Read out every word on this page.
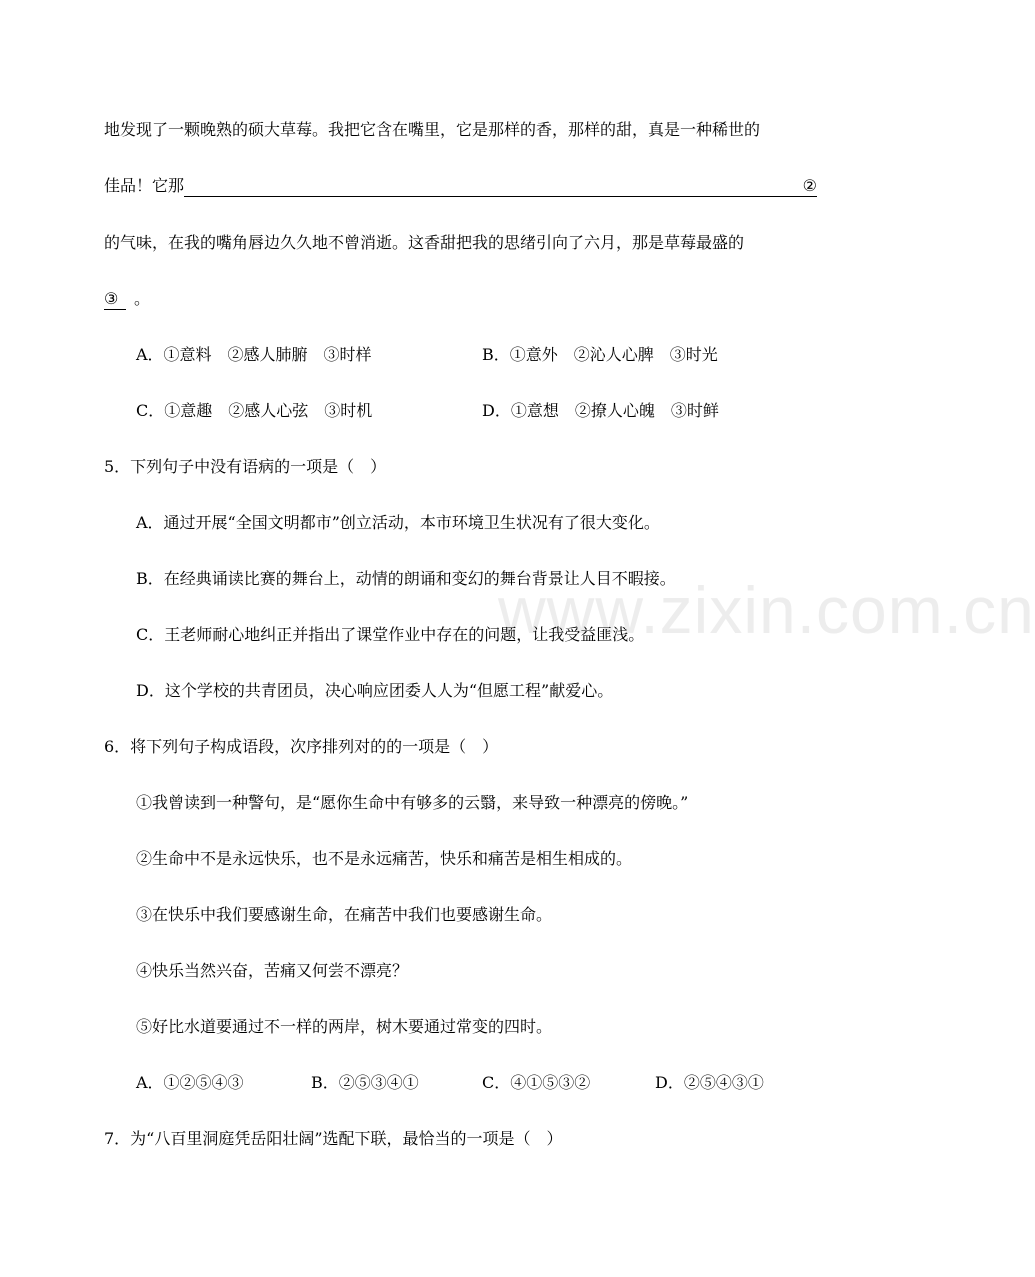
www.zixin.com.cn
地发现了一颗晚熟的硕大草莓。我把它含在嘴里，它是那样的香，那样的甜，真是一种稀世的
佳品！它那	②
的气味，在我的嘴角唇边久久地不曾消逝。这香甜把我的思绪引向了六月，那是草莓最盛的
③ 。
A．①意料　②感人肺腑　③时样	B．①意外　②沁人心脾　③时光
C．①意趣　②感人心弦　③时机	D．①意想　②撩人心魄　③时鲜
5．下列句子中没有语病的一项是（　）
A．通过开展“全国文明都市”创立活动，本市环境卫生状况有了很大变化。
B．在经典诵读比赛的舞台上，动情的朗诵和变幻的舞台背景让人目不暇接。
C．王老师耐心地纠正并指出了课堂作业中存在的问题，让我受益匪浅。
D．这个学校的共青团员，决心响应团委人人为“但愿工程”献爱心。
6．将下列句子构成语段，次序排列对的的一项是（　）
①我曾读到一种警句，是“愿你生命中有够多的云翳，来导致一种漂亮的傍晚。”
②生命中不是永远快乐，也不是永远痛苦，快乐和痛苦是相生相成的。
③在快乐中我们要感谢生命，在痛苦中我们也要感谢生命。
④快乐当然兴奋，苦痛又何尝不漂亮？
⑤好比水道要通过不一样的两岸，树木要通过常变的四时。
A．①②⑤④③	B．②⑤③④①	C．④①⑤③②	D．②⑤④③①
7．为“八百里洞庭凭岳阳壮阔”选配下联，最恰当的一项是（　）
